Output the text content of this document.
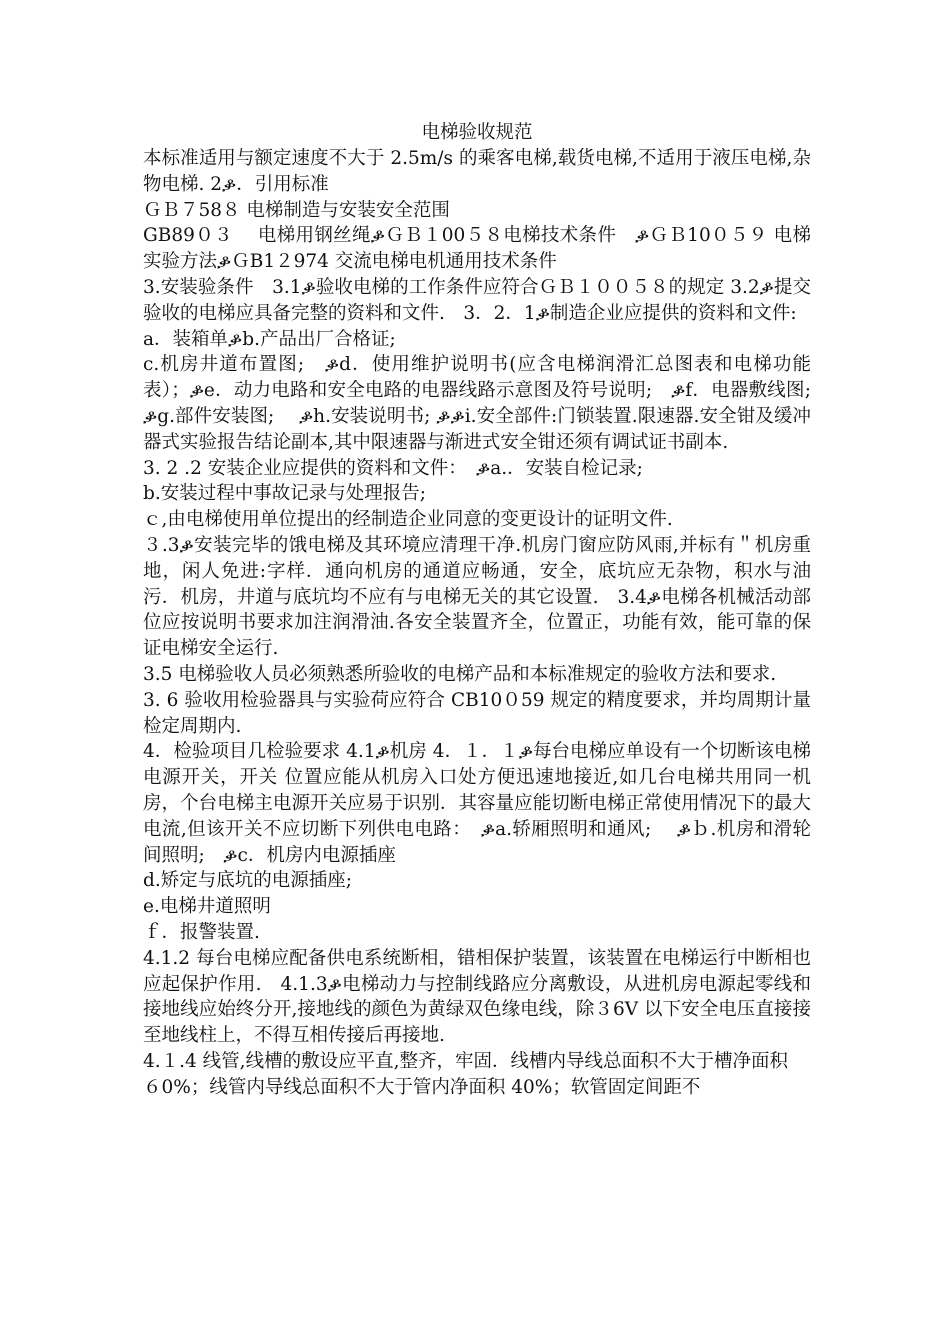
电梯验收规范

本标准适用与额定速度不大于 2.5m/s 的乘客电梯,载货电梯,不适用于液压电梯,杂物电梯. 2ቇ．引用标准

ＧＢ７58８ 电梯制造与安装安全范围

GB89０３　 电梯用钢丝绳ቇＧＢ１00５８电梯技术条件　ቇＧＢ10０５９ 电梯实验方法ቇＧB1２974 交流电梯电机通用技术条件

3.安装验条件　3.1ቇ验收电梯的工作条件应符合ＧＢ１００５８的规定 3.2ቇ提交验收的电梯应具备完整的资料和文件.　3．2．1ቇ制造企业应提供的资料和文件:

a．装箱单ቇb.产品出厂合格证;

c.机房井道布置图;　ቇd．使用维护说明书(应含电梯润滑汇总图表和电梯功能表）；ቇe．动力电路和安全电路的电器线路示意图及符号说明;　ቇf．电器敷线图; ቇg.部件安装图;　 ቇh.安装说明书; ቇቇi.安全部件:门锁装置.限速器.安全钳及缓冲器式实验报告结论副本,其中限速器与渐进式安全钳还须有调试证书副本.

3. 2 .2 安装企业应提供的资料和文件：　ቇa.．安装自检记录;

b.安装过程中事故记录与处理报告;

ｃ,由电梯使用单位提出的经制造企业同意的变更设计的证明文件.

３.3ቇ安装完毕的饿电梯及其环境应清理干净.机房门窗应防风雨,并标有＂机房重地，闲人免进:字样．通向机房的通道应畅通，安全，底坑应无杂物，积水与油污．机房，井道与底坑均不应有与电梯无关的其它设置.　3.4ቇ电梯各机械活动部位应按说明书要求加注润滑油.各安全装置齐全，位置正，功能有效，能可靠的保证电梯安全运行.

3.5 电梯验收人员必须熟悉所验收的电梯产品和本标准规定的验收方法和要求.

3. 6 验收用检验器具与实验荷应符合 CB10０59 规定的精度要求，并均周期计量检定周期内.

4．检验项目几检验要求 4.1ቇ机房 4．１．１ቇ每台电梯应单设有一个切断该电梯电源开关，开关 位置应能从机房入口处方便迅速地接近,如几台电梯共用同一机房，个台电梯主电源开关应易于识别．其容量应能切断电梯正常使用情况下的最大电流,但该开关不应切断下列供电电路：　ቇa.轿厢照明和通风;　 ቇｂ.机房和滑轮间照明;　ቇc．机房内电源插座

d.矫定与底坑的电源插座;

e.电梯井道照明

ｆ．报警装置.

4.1.2 每台电梯应配备供电系统断相，错相保护装置，该装置在电梯运行中断相也应起保护作用.　4.1.3ቇ电梯动力与控制线路应分离敷设，从进机房电源起零线和接地线应始终分开,接地线的颜色为黄绿双色缘电线，除３6V 以下安全电压直接接至地线柱上，不得互相传接后再接地.

4.１.4 线管,线槽的敷设应平直,整齐，牢固．线槽内导线总面积不大于槽净面积

６0%；线管内导线总面积不大于管内净面积 40%；软管固定间距不
